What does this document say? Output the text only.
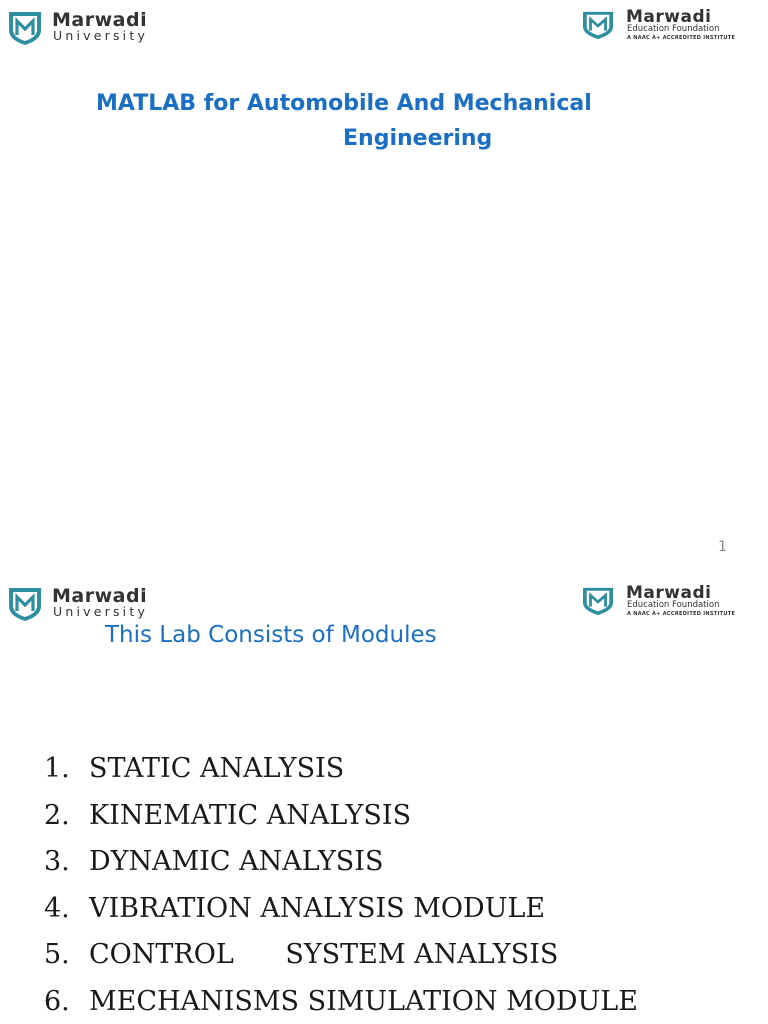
Marwadi
University
Marwadi
Education Foundation
A NAAC A+ ACCREDITED INSTITUTE
MATLAB for Automobile And Mechanical
Engineering
1
Marwadi
University
Marwadi
Education Foundation
A NAAC A+ ACCREDITED INSTITUTE
This Lab Consists of Modules
1. STATIC ANALYSIS
2. KINEMATIC ANALYSIS
3. DYNAMIC ANALYSIS
4. VIBRATION ANALYSIS MODULE
5. CONTROL      SYSTEM ANALYSIS
6. MECHANISMS SIMULATION MODULE
